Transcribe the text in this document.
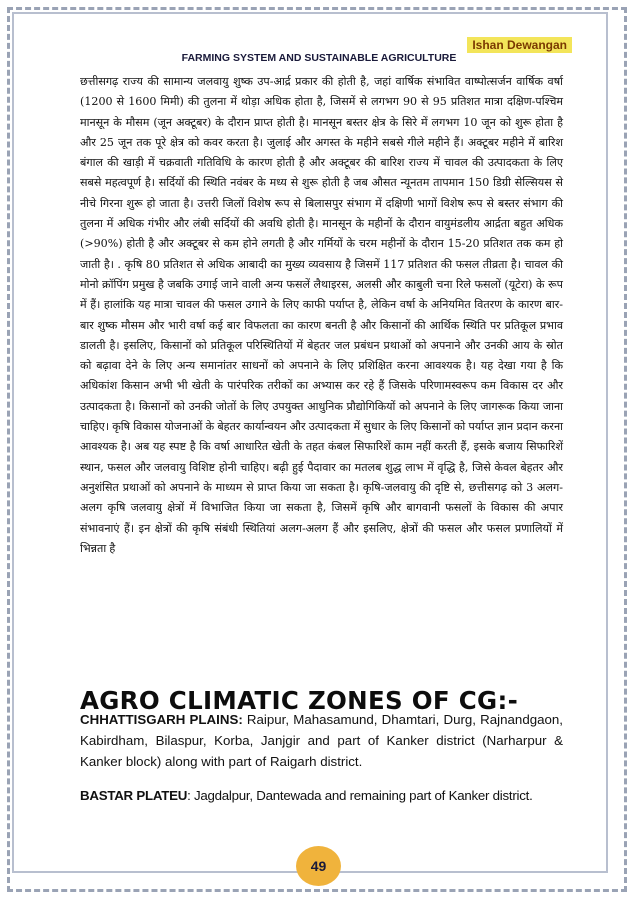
Ishan Dewangan
FARMING SYSTEM AND SUSTAINABLE AGRICULTURE

छत्तीसगढ़ राज्य की सामान्य जलवायु शुष्क उप-आर्द्र प्रकार की होती है, जहां वार्षिक संभावित वाष्पोत्सर्जन वार्षिक वर्षा (1200 से 1600 मिमी) की तुलना में थोड़ा अधिक होता है, जिसमें से लगभग 90 से 95 प्रतिशत मात्रा दक्षिण-पश्चिम मानसून के मौसम (जून अक्टूबर) के दौरान प्राप्त होती है। मानसून बस्तर क्षेत्र के सिरे में लगभग 10 जून को शुरू होता है और 25 जून तक पूरे क्षेत्र को कवर करता है। जुलाई और अगस्त के महीने सबसे गीले महीने हैं। अक्टूबर महीने में बारिश बंगाल की खाड़ी में चक्रवाती गतिविधि के कारण होती है और अक्टूबर की बारिश राज्य में चावल की उत्पादकता के लिए सबसे महत्वपूर्ण है। सर्दियों की स्थिति नवंबर के मध्य से शुरू होती है जब औसत न्यूनतम तापमान 150 डिग्री सेल्सियस से नीचे गिरना शुरू हो जाता है। उत्तरी जिलों विशेष रूप से बिलासपुर संभाग में दक्षिणी भागों विशेष रूप से बस्तर संभाग की तुलना में अधिक गंभीर और लंबी सर्दियों की अवधि होती है। मानसून के महीनों के दौरान वायुमंडलीय आर्द्रता बहुत अधिक (>90%) होती है और अक्टूबर से कम होने लगती है और गर्मियों के चरम महीनों के दौरान 15-20 प्रतिशत तक कम हो जाती है। . कृषि 80 प्रतिशत से अधिक आबादी का मुख्य व्यवसाय है जिसमें 117 प्रतिशत की फसल तीव्रता है। चावल की मोनो क्रॉपिंग प्रमुख है जबकि उगाई जाने वाली अन्य फसलें लैथाइरस, अलसी और काबुली चना रिले फसलों (यूटेरा) के रूप में हैं। हालांकि यह मात्रा चावल की फसल उगाने के लिए काफी पर्याप्त है, लेकिन वर्षा के अनियमित वितरण के कारण बार-बार शुष्क मौसम और भारी वर्षा कई बार विफलता का कारण बनती है और किसानों की आर्थिक स्थिति पर प्रतिकूल प्रभाव डालती है। इसलिए, किसानों को प्रतिकूल परिस्थितियों में बेहतर जल प्रबंधन प्रथाओं को अपनाने और उनकी आय के स्रोत को बढ़ावा देने के लिए अन्य समानांतर साधनों को अपनाने के लिए प्रशिक्षित करना आवश्यक है। यह देखा गया है कि अधिकांश किसान अभी भी खेती के पारंपरिक तरीकों का अभ्यास कर रहे हैं जिसके परिणामस्वरूप कम विकास दर और उत्पादकता है। किसानों को उनकी जोतों के लिए उपयुक्त आधुनिक प्रौद्योगिकियों को अपनाने के लिए जागरूक किया जाना चाहिए। कृषि विकास योजनाओं के बेहतर कार्यान्वयन और उत्पादकता में सुधार के लिए किसानों को पर्याप्त ज्ञान प्रदान करना आवश्यक है। अब यह स्पष्ट है कि वर्षा आधारित खेती के तहत कंबल सिफारिशें काम नहीं करती हैं, इसके बजाय सिफारिशें स्थान, फसल और जलवायु विशिष्ट होनी चाहिए। बढ़ी हुई पैदावार का मतलब शुद्ध लाभ में वृद्धि है, जिसे केवल बेहतर और अनुशंसित प्रथाओं को अपनाने के माध्यम से प्राप्त किया जा सकता है। कृषि-जलवायु की दृष्टि से, छत्तीसगढ़ को 3 अलग-अलग कृषि जलवायु क्षेत्रों में विभाजित किया जा सकता है, जिसमें कृषि और बागवानी फसलों के विकास की अपार संभावनाएं हैं। इन क्षेत्रों की कृषि संबंधी स्थितियां अलग-अलग हैं और इसलिए, क्षेत्रों की फसल और फसल प्रणालियों में भिन्नता है

AGRO CLIMATIC ZONES OF CG:-

CHHATTISGARH PLAINS: Raipur, Mahasamund, Dhamtari, Durg, Rajnandgaon, Kabirdham, Bilaspur, Korba, Janjgir and part of Kanker district (Narharpur & Kanker block) along with part of Raigarh district.

BASTAR PLATEU: Jagdalpur, Dantewada and remaining part of Kanker district.

49
